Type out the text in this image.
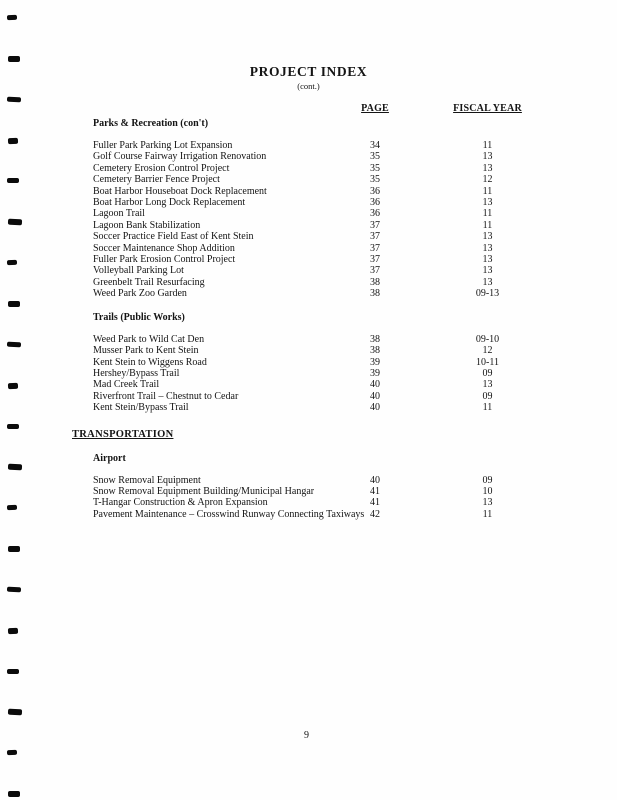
PROJECT INDEX
(cont.)
PAGE	FISCAL YEAR
Parks & Recreation (con't)
Fuller Park Parking Lot Expansion	34	11
Golf Course Fairway Irrigation Renovation	35	13
Cemetery Erosion Control Project	35	13
Cemetery Barrier Fence Project	35	12
Boat Harbor Houseboat Dock Replacement	36	11
Boat Harbor Long Dock Replacement	36	13
Lagoon Trail	36	11
Lagoon Bank Stabilization	37	11
Soccer Practice Field East of Kent Stein	37	13
Soccer Maintenance Shop Addition	37	13
Fuller Park Erosion Control Project	37	13
Volleyball Parking Lot	37	13
Greenbelt Trail Resurfacing	38	13
Weed Park Zoo Garden	38	09-13
Trails (Public Works)
Weed Park to Wild Cat Den	38	09-10
Musser Park to Kent Stein	38	12
Kent Stein to Wiggens Road	39	10-11
Hershey/Bypass Trail	39	09
Mad Creek Trail	40	13
Riverfront Trail – Chestnut to Cedar	40	09
Kent Stein/Bypass Trail	40	11
TRANSPORTATION
Airport
Snow Removal Equipment	40	09
Snow Removal Equipment Building/Municipal Hangar	41	10
T-Hangar Construction & Apron Expansion	41	13
Pavement Maintenance – Crosswind Runway Connecting Taxiways 42	11
9
